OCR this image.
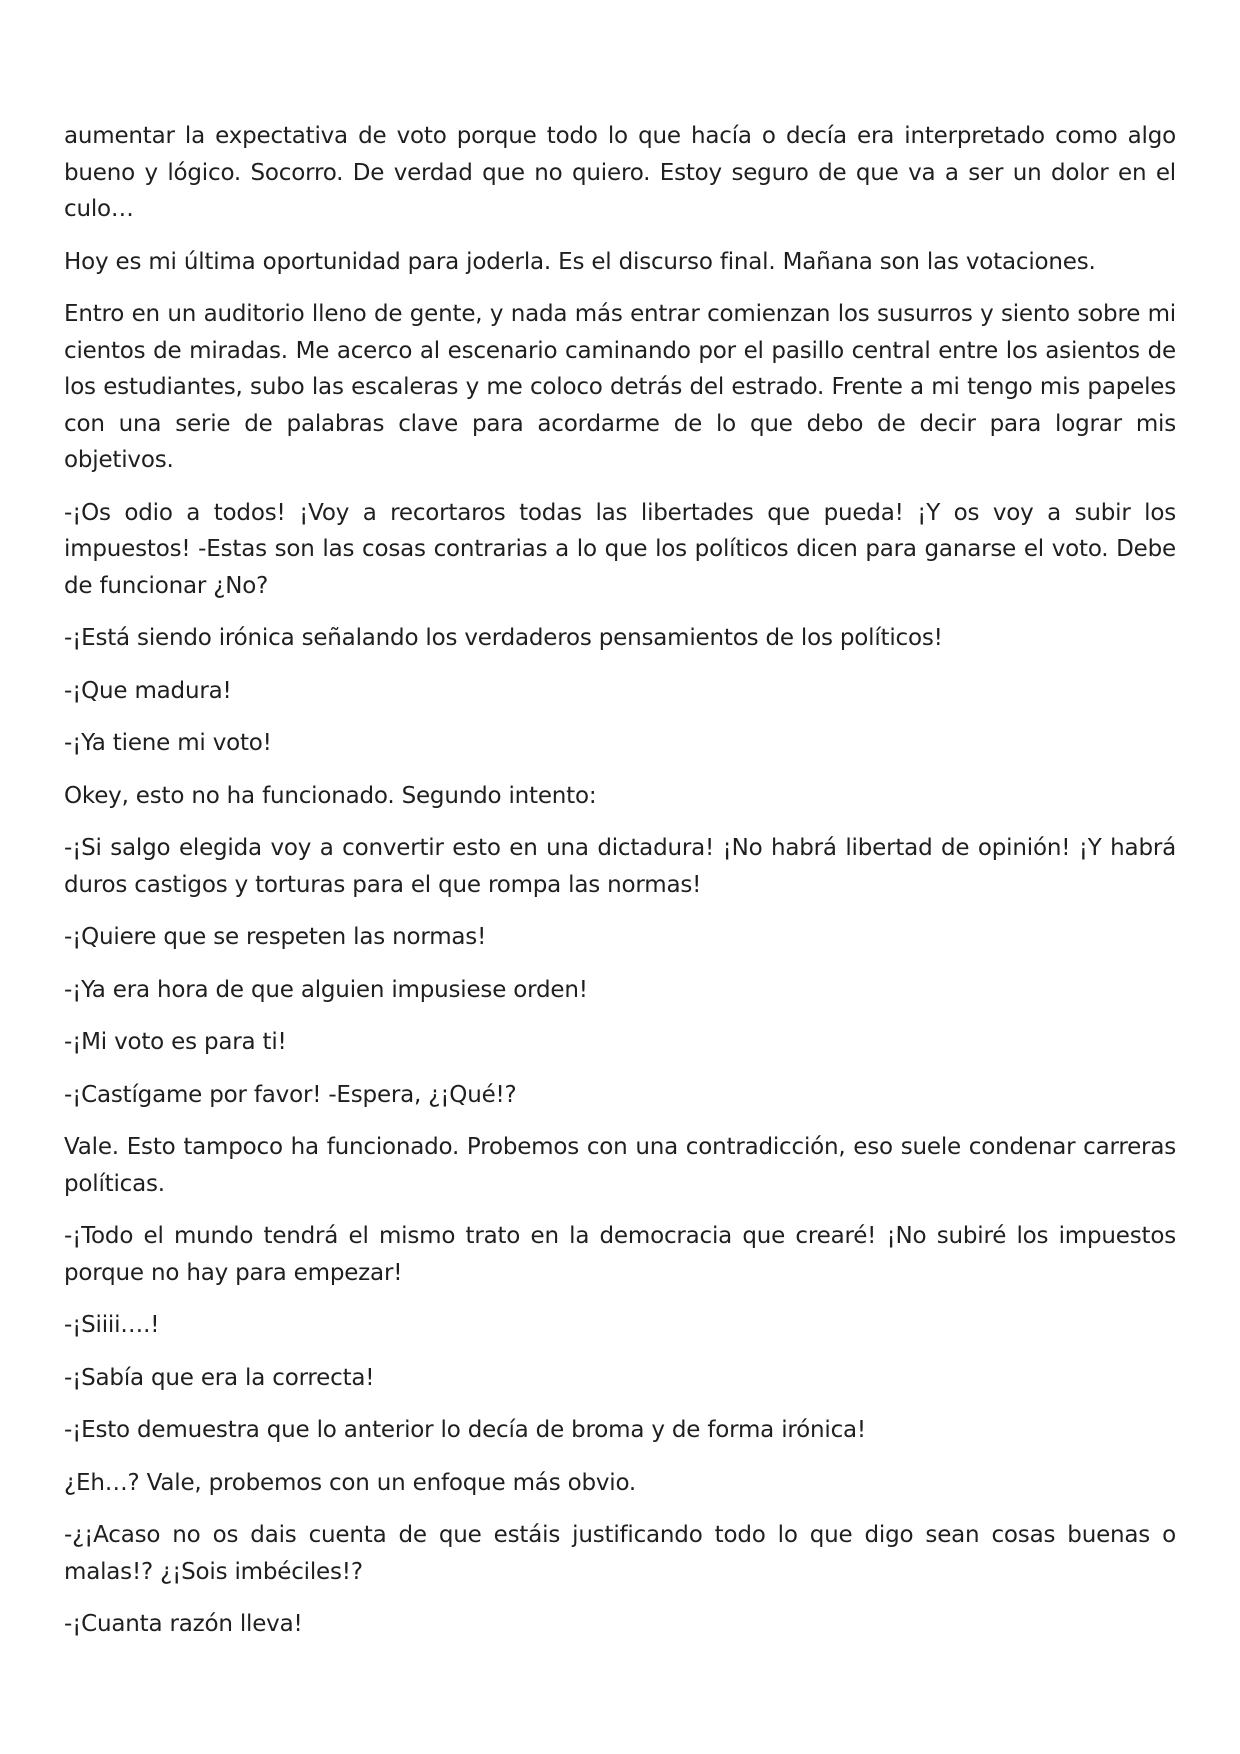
aumentar la expectativa de voto porque todo lo que hacía o decía era interpretado como algo bueno y lógico. Socorro. De verdad que no quiero. Estoy seguro de que va a ser un dolor en el culo…

Hoy es mi última oportunidad para joderla. Es el discurso final. Mañana son las votaciones.

Entro en un auditorio lleno de gente, y nada más entrar comienzan los susurros y siento sobre mi cientos de miradas. Me acerco al escenario caminando por el pasillo central entre los asientos de los estudiantes, subo las escaleras y me coloco detrás del estrado. Frente a mi tengo mis papeles con una serie de palabras clave para acordarme de lo que debo de decir para lograr mis objetivos.

-¡Os odio a todos! ¡Voy a recortaros todas las libertades que pueda! ¡Y os voy a subir los impuestos! -Estas son las cosas contrarias a lo que los políticos dicen para ganarse el voto. Debe de funcionar ¿No?

-¡Está siendo irónica señalando los verdaderos pensamientos de los políticos!

-¡Que madura!

-¡Ya tiene mi voto!

Okey, esto no ha funcionado. Segundo intento:

-¡Si salgo elegida voy a convertir esto en una dictadura! ¡No habrá libertad de opinión! ¡Y habrá duros castigos y torturas para el que rompa las normas!

-¡Quiere que se respeten las normas!

-¡Ya era hora de que alguien impusiese orden!

-¡Mi voto es para ti!

-¡Castígame por favor! -Espera, ¿¡Qué!?

Vale. Esto tampoco ha funcionado. Probemos con una contradicción, eso suele condenar carreras políticas.

-¡Todo el mundo tendrá el mismo trato en la democracia que crearé! ¡No subiré los impuestos porque no hay para empezar!

-¡Siiii….!

-¡Sabía que era la correcta!

-¡Esto demuestra que lo anterior lo decía de broma y de forma irónica!

¿Eh…? Vale, probemos con un enfoque más obvio.

-¿¡Acaso no os dais cuenta de que estáis justificando todo lo que digo sean cosas buenas o malas!? ¿¡Sois imbéciles!?

-¡Cuanta razón lleva!
